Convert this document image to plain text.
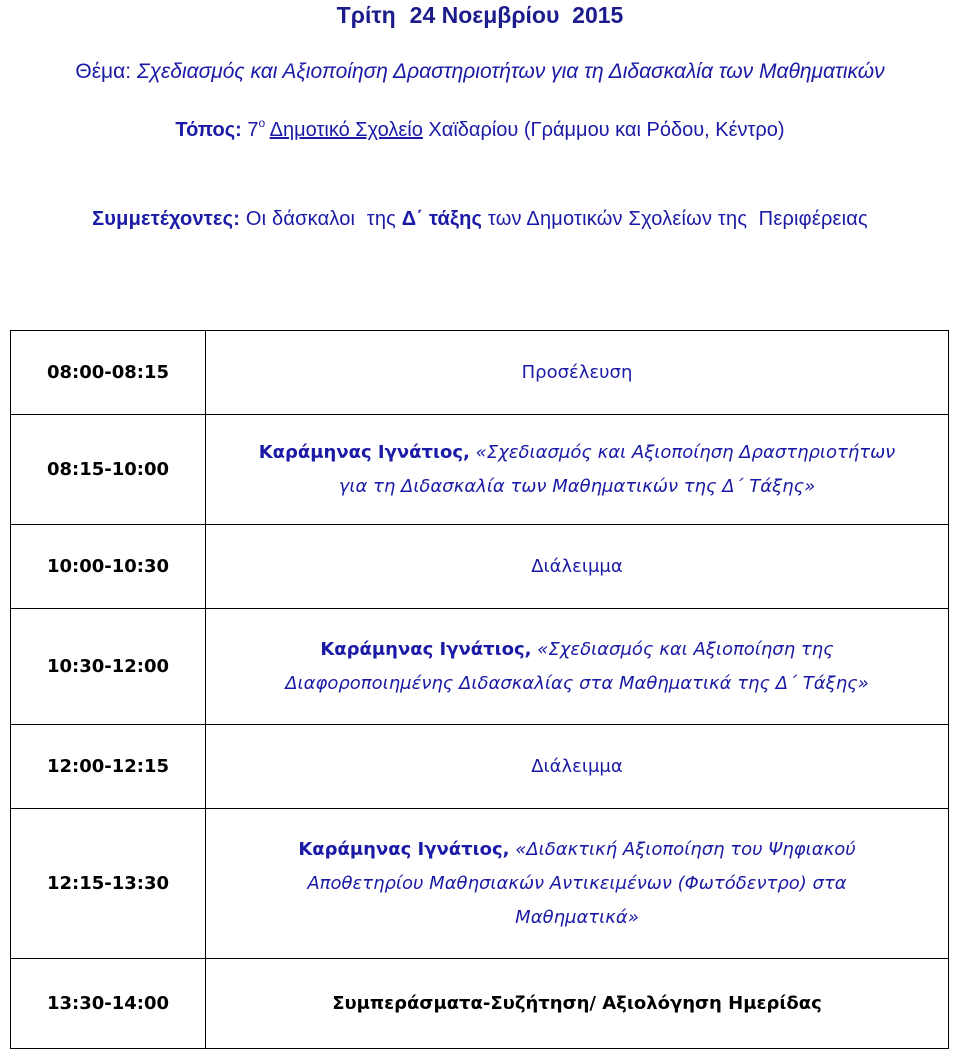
Τρίτη 24 Νοεμβρίου  2015
Θέμα: Σχεδιασμός και Αξιοποίηση Δραστηριοτήτων για τη Διδασκαλία των Μαθηματικών
Τόπος: $7^o$ Δημοτικό Σχολείο Χαϊδαρίου (Γράμμου και Ρόδου, Κέντρο)
Συμμετέχοντες: Οι δάσκαλοι  της Δ΄ τάξης των Δημοτικών Σχολείων της  Περιφέρειας
08:00-08:15	Προσέλευση
08:15-10:00	Καράμηνας Ιγνάτιος, «Σχεδιασμός και Αξιοποίηση Δραστηριοτήτων
για τη Διδασκαλία των Μαθηματικών της Δ΄ Τάξης»
10:00-10:30	Διάλειμμα
10:30-12:00	Καράμηνας Ιγνάτιος, «Σχεδιασμός και Αξιοποίηση της
Διαφοροποιημένης Διδασκαλίας στα Μαθηματικά της Δ΄ Τάξης»
12:00-12:15	Διάλειμμα
12:15-13:30	Καράμηνας Ιγνάτιος, «Διδακτική Αξιοποίηση του Ψηφιακού
Αποθετηρίου Μαθησιακών Αντικειμένων (Φωτόδεντρο) στα
Μαθηματικά»
13:30-14:00	Συμπεράσματα-Συζήτηση/ Αξιολόγηση Ημερίδας
